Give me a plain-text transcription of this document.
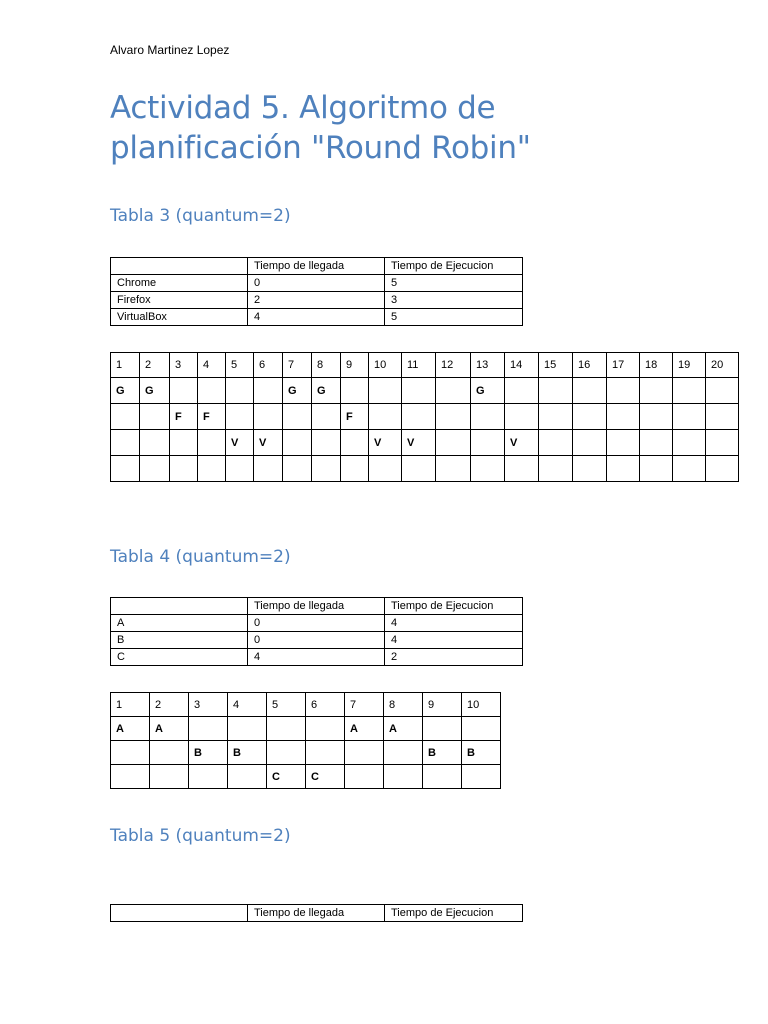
Alvaro Martinez Lopez
Actividad 5. Algoritmo de
planificación "Round Robin"
Tabla 3 (quantum=2)
	Tiempo de llegada	Tiempo de Ejecucion
Chrome	0	5
Firefox	2	3
VirtualBox	4	5
1	2	3	4	5	6	7	8	9	10	11	12	13	14	15	16	17	18	19	20
G	G					G	G					G							
		F	F					F											
				V	V				V	V			V						

Tabla 4 (quantum=2)
	Tiempo de llegada	Tiempo de Ejecucion
A	0	4
B	0	4
C	4	2
1	2	3	4	5	6	7	8	9	10
A	A					A	A		
		B	B					B	B
				C	C				
Tabla 5 (quantum=2)
	Tiempo de llegada	Tiempo de Ejecucion
